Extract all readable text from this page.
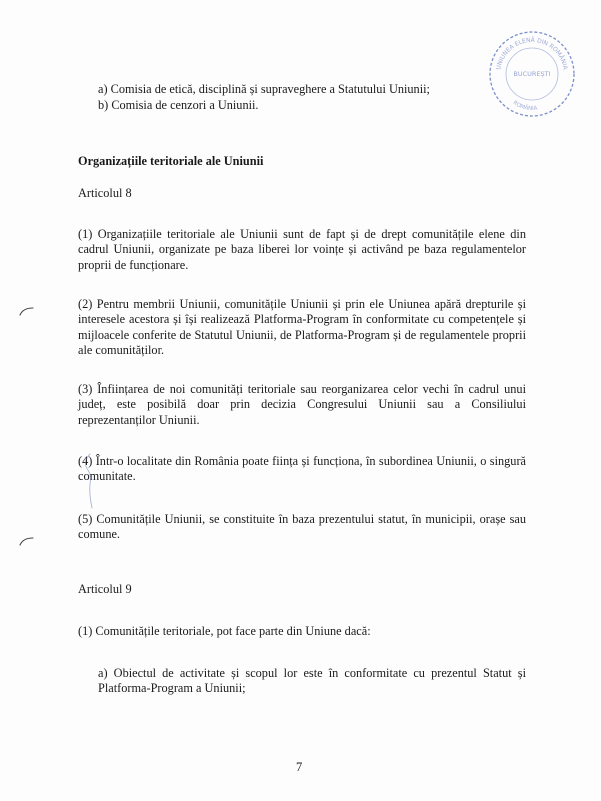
UNIUNEA ELENĂ DIN ROMÂNIA
BUCUREȘTI
ROMÂNIA
a) Comisia de etică, disciplină și supraveghere a Statutului Uniunii;
b) Comisia de cenzori a Uniunii.
Organizațiile teritoriale ale Uniunii
Articolul 8
(1) Organizațiile teritoriale ale Uniunii sunt de fapt și de drept comunitățile elene din cadrul Uniunii, organizate pe baza liberei lor voințe și activând pe baza regulamentelor proprii de funcționare.
(2) Pentru membrii Uniunii, comunitățile Uniunii și prin ele Uniunea apără drepturile și interesele acestora și își realizează Platforma-Program în conformitate cu competențele și mijloacele conferite de Statutul Uniunii, de Platforma-Program și de regulamentele proprii ale comunităților.
(3) Înființarea de noi comunități teritoriale sau reorganizarea celor vechi în cadrul unui județ, este posibilă doar prin decizia Congresului Uniunii sau a Consiliului reprezentanților Uniunii.
(4) Într-o localitate din România poate ființa și funcționa, în subordinea Uniunii, o singură comunitate.
(5) Comunitățile Uniunii, se constituite în baza prezentului statut, în municipii, orașe sau comune.
Articolul 9
(1) Comunitățile teritoriale, pot face parte din Uniune dacă:
a) Obiectul de activitate și scopul lor este în conformitate cu prezentul Statut și Platforma-Program a Uniunii;
7
